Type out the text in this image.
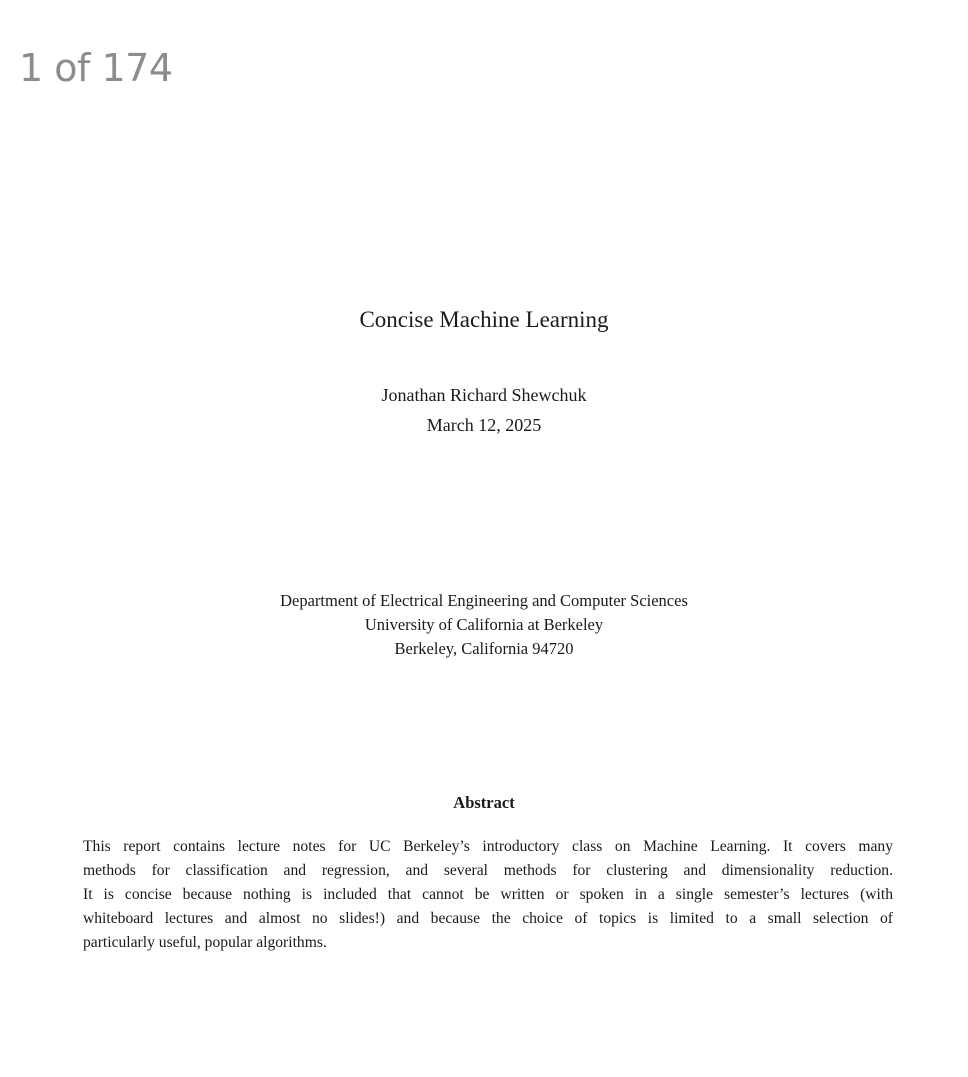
1 of 174
Concise Machine Learning
Jonathan Richard Shewchuk
March 12, 2025
Department of Electrical Engineering and Computer Sciences
University of California at Berkeley
Berkeley, California 94720
Abstract
This report contains lecture notes for UC Berkeley’s introductory class on Machine Learning. It covers many
methods for classification and regression, and several methods for clustering and dimensionality reduction.
It is concise because nothing is included that cannot be written or spoken in a single semester’s lectures (with
whiteboard lectures and almost no slides!) and because the choice of topics is limited to a small selection of
particularly useful, popular algorithms.
